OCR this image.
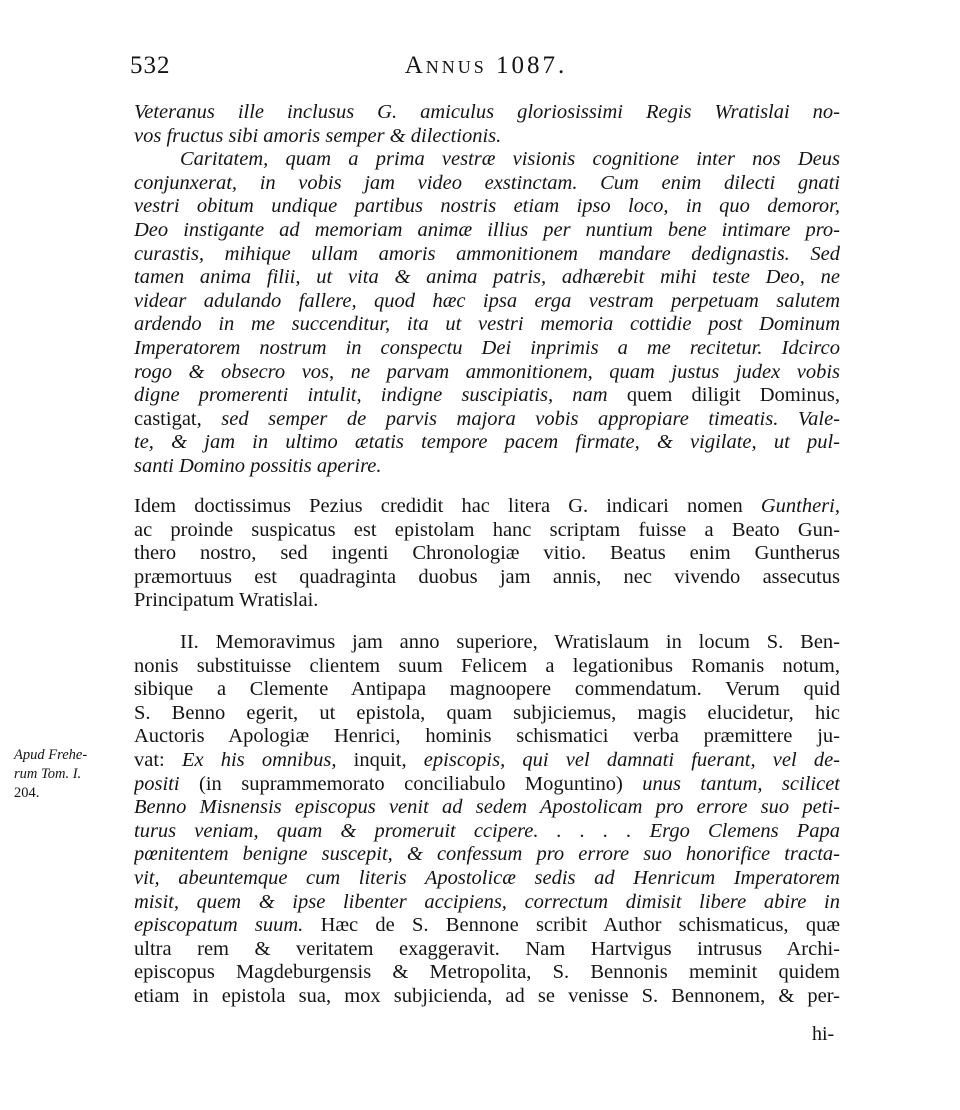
532	Annus 1087.
Veteranus ille inclusus G. amiculus gloriosissimi Regis Wratislai no-
vos fructus sibi amoris semper & dilectionis.
Caritatem, quam a prima vestræ visionis cognitione inter nos Deus
conjunxerat, in vobis jam video exstinctam. Cum enim dilecti gnati
vestri obitum undique partibus nostris etiam ipso loco, in quo demoror,
Deo instigante ad memoriam animæ illius per nuntium bene intimare pro-
curastis, mihique ullam amoris ammonitionem mandare dedignastis. Sed
tamen anima filii, ut vita & anima patris, adhærebit mihi teste Deo, ne
videar adulando fallere, quod hæc ipsa erga vestram perpetuam salutem
ardendo in me succenditur, ita ut vestri memoria cottidie post Dominum
Imperatorem nostrum in conspectu Dei inprimis a me recitetur. Idcirco
rogo & obsecro vos, ne parvam ammonitionem, quam justus judex vobis
digne promerenti intulit, indigne suscipiatis, nam quem diligit Dominus,
castigat, sed semper de parvis majora vobis appropiare timeatis. Vale-
te, & jam in ultimo ætatis tempore pacem firmate, & vigilate, ut pul-
santi Domino possitis aperire.
Idem doctissimus Pezius credidit hac litera G. indicari nomen Guntheri,
ac proinde suspicatus est epistolam hanc scriptam fuisse a Beato Gun-
thero nostro, sed ingenti Chronologiæ vitio. Beatus enim Guntherus
præmortuus est quadraginta duobus jam annis, nec vivendo assecutus
Principatum Wratislai.
II. Memoravimus jam anno superiore, Wratislaum in locum S. Ben-
nonis substituisse clientem suum Felicem a legationibus Romanis notum,
sibique a Clemente Antipapa magnoopere commendatum. Verum quid
S. Benno egerit, ut epistola, quam subjiciemus, magis elucidetur, hic
Auctoris Apologiæ Henrici, hominis schismatici verba præmittere ju-
vat: Ex his omnibus, inquit, episcopis, qui vel damnati fuerant, vel de-
positi (in suprammemorato conciliabulo Moguntino) unus tantum, scilicet
Benno Misnensis episcopus venit ad sedem Apostolicam pro errore suo peti-
turus veniam, quam & promeruit ccipere. . . . . Ergo Clemens Papa
pœnitentem benigne suscepit, & confessum pro errore suo honorifice tracta-
vit, abeuntemque cum literis Apostolicæ sedis ad Henricum Imperatorem
misit, quem & ipse libenter accipiens, correctum dimisit libere abire in
episcopatum suum. Hæc de S. Bennone scribit Author schismaticus, quæ
ultra rem & veritatem exaggeravit. Nam Hartvigus intrusus Archi-
episcopus Magdeburgensis & Metropolita, S. Bennonis meminit quidem
etiam in epistola sua, mox subjicienda, ad se venisse S. Bennonem, & per-
Apud Frehe-
rum Tom. I.
204.
hi-
